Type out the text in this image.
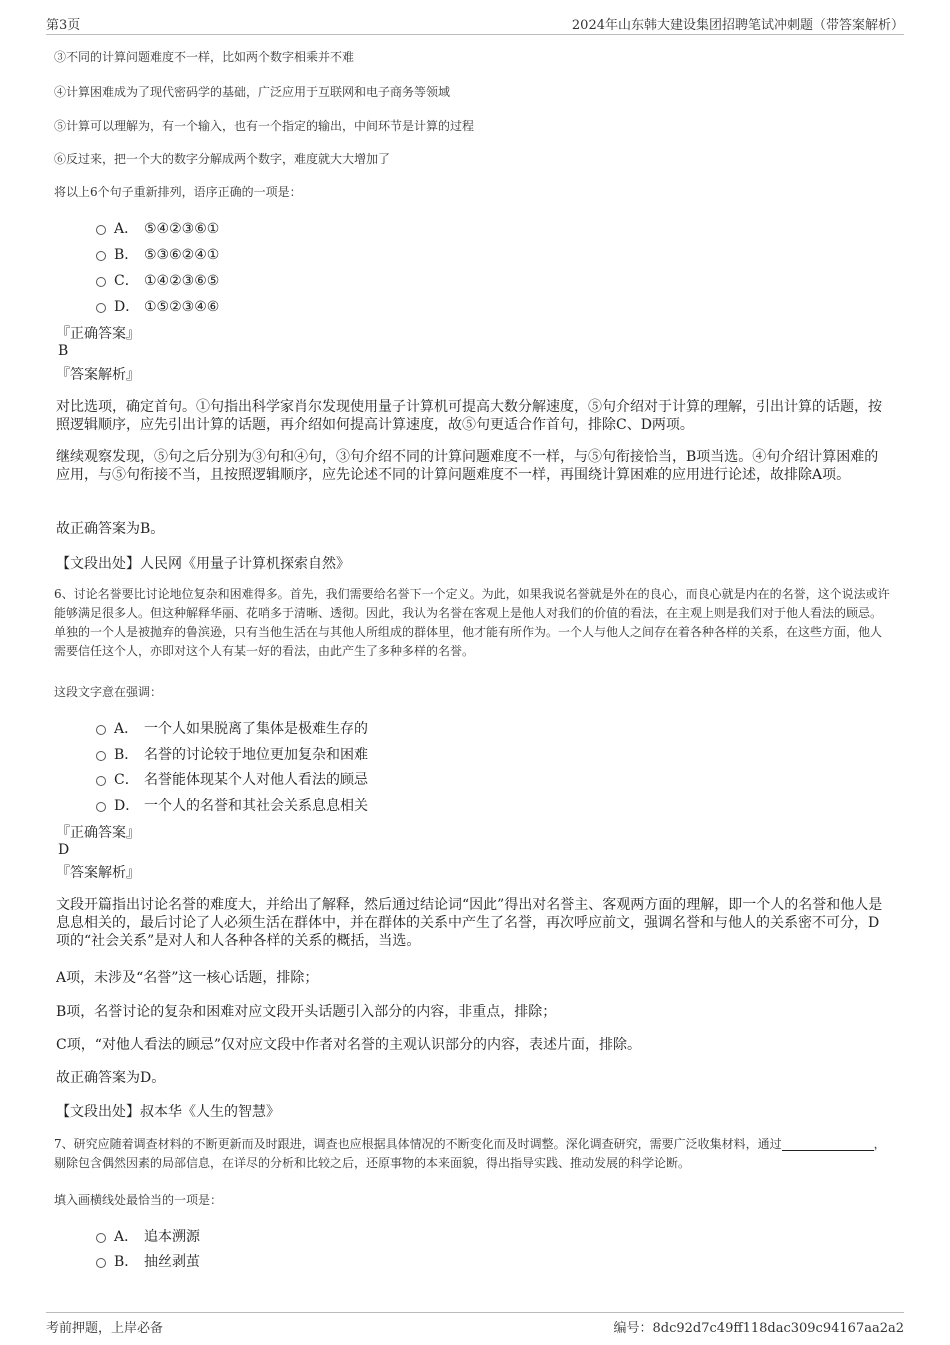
第3页	2024年山东韩大建设集团招聘笔试冲刺题（带答案解析）
③不同的计算问题难度不一样，比如两个数字相乘并不难
④计算困难成为了现代密码学的基础，广泛应用于互联网和电子商务等领域
⑤计算可以理解为，有一个输入，也有一个指定的输出，中间环节是计算的过程
⑥反过来，把一个大的数字分解成两个数字，难度就大大增加了
将以上6个句子重新排列，语序正确的一项是：
A． ⑤④②③⑥①
B． ⑤③⑥②④①
C． ①④②③⑥⑤
D． ①⑤②③④⑥
『正确答案』
B
『答案解析』
对比选项，确定首句。①句指出科学家肖尔发现使用量子计算机可提高大数分解速度，⑤句介绍对于计算的理解，引出计算的话题，按照逻辑顺序，应先引出计算的话题，再介绍如何提高计算速度，故⑤句更适合作首句，排除C、D两项。
继续观察发现，⑤句之后分别为③句和④句，③句介绍不同的计算问题难度不一样，与⑤句衔接恰当，B项当选。④句介绍计算困难的应用，与⑤句衔接不当，且按照逻辑顺序，应先论述不同的计算问题难度不一样，再围绕计算困难的应用进行论述，故排除A项。
故正确答案为B。
【文段出处】人民网《用量子计算机探索自然》
6、讨论名誉要比讨论地位复杂和困难得多。首先，我们需要给名誉下一个定义。为此，如果我说名誉就是外在的良心，而良心就是内在的名誉，这个说法或许能够满足很多人。但这种解释华丽、花哨多于清晰、透彻。因此，我认为名誉在客观上是他人对我们的价值的看法，在主观上则是我们对于他人看法的顾忌。单独的一个人是被抛弃的鲁滨逊，只有当他生活在与其他人所组成的群体里，他才能有所作为。一个人与他人之间存在着各种各样的关系，在这些方面，他人需要信任这个人，亦即对这个人有某一好的看法，由此产生了多种多样的名誉。
这段文字意在强调：
A． 一个人如果脱离了集体是极难生存的
B． 名誉的讨论较于地位更加复杂和困难
C． 名誉能体现某个人对他人看法的顾忌
D． 一个人的名誉和其社会关系息息相关
『正确答案』
D
『答案解析』
文段开篇指出讨论名誉的难度大，并给出了解释，然后通过结论词“因此”得出对名誉主、客观两方面的理解，即一个人的名誉和他人是息息相关的，最后讨论了人必须生活在群体中，并在群体的关系中产生了名誉，再次呼应前文，强调名誉和与他人的关系密不可分，D项的“社会关系”是对人和人各种各样的关系的概括，当选。
A项，未涉及“名誉”这一核心话题，排除；
B项，名誉讨论的复杂和困难对应文段开头话题引入部分的内容，非重点，排除；
C项，“对他人看法的顾忌”仅对应文段中作者对名誉的主观认识部分的内容，表述片面，排除。
故正确答案为D。
【文段出处】叔本华《人生的智慧》
7、研究应随着调查材料的不断更新而及时跟进，调查也应根据具体情况的不断变化而及时调整。深化调查研究，需要广泛收集材料，通过	，剔除包含偶然因素的局部信息，在详尽的分析和比较之后，还原事物的本来面貌，得出指导实践、推动发展的科学论断。
填入画横线处最恰当的一项是：
A． 追本溯源
B． 抽丝剥茧
考前押题，上岸必备	编号：8dc92d7c49ff118dac309c94167aa2a2
